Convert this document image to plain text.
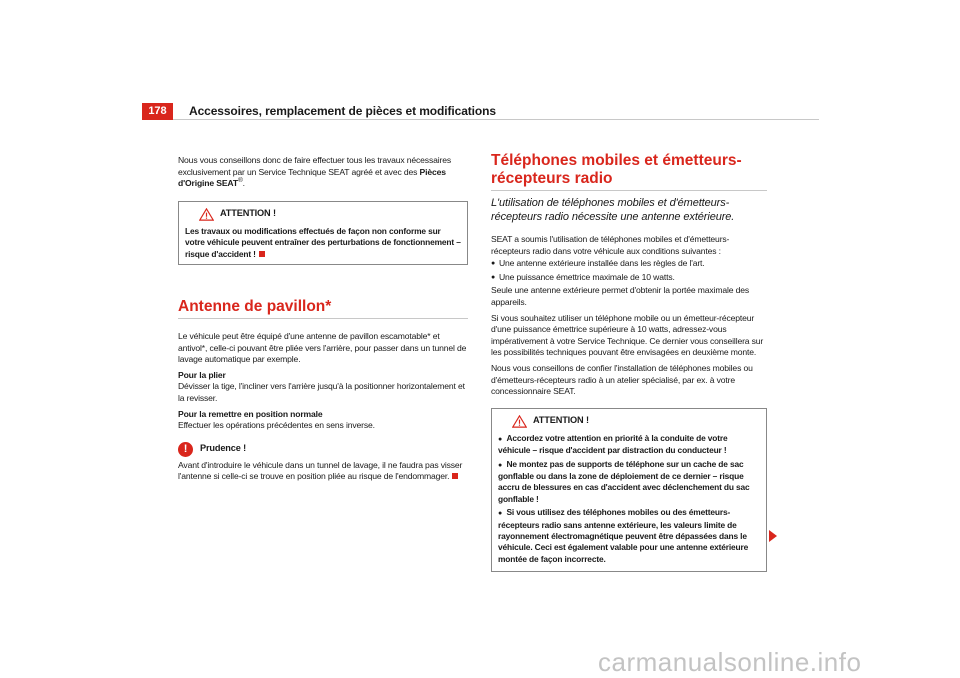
178	Accessoires, remplacement de pièces et modifications

Nous vous conseillons donc de faire effectuer tous les travaux nécessaires exclusivement par un Service Technique SEAT agréé et avec des Pièces d'Origine SEAT®.

ATTENTION !
Les travaux ou modifications effectués de façon non conforme sur votre véhicule peuvent entraîner des perturbations de fonctionnement – risque d'accident !
Antenne de pavillon*

Le véhicule peut être équipé d'une antenne de pavillon escamotable* et antivol*, celle-ci pouvant être pliée vers l'arrière, pour passer dans un tunnel de lavage automatique par exemple.

Pour la plier

Dévisser la tige, l'incliner vers l'arrière jusqu'à la positionner horizontalement et la revisser.

Pour la remettre en position normale

Effectuer les opérations précédentes en sens inverse.

!	Prudence !
Avant d'introduire le véhicule dans un tunnel de lavage, il ne faudra pas visser l'antenne si celle-ci se trouve en position pliée au risque de l'endommager.
Téléphones mobiles et émetteurs-récepteurs radio
L'utilisation de téléphones mobiles et d'émetteurs-récepteurs radio nécessite une antenne extérieure.

SEAT a soumis l'utilisation de téléphones mobiles et d'émetteurs-récepteurs radio dans votre véhicule aux conditions suivantes :

● Une antenne extérieure installée dans les règles de l'art.
● Une puissance émettrice maximale de 10 watts.

Seule une antenne extérieure permet d'obtenir la portée maximale des appareils.

Si vous souhaitez utiliser un téléphone mobile ou un émetteur-récepteur d'une puissance émettrice supérieure à 10 watts, adressez-vous impérativement à votre Service Technique. Ce dernier vous conseillera sur les possibilités techniques pouvant être envisagées en deuxième monte.

Nous vous conseillons de confier l'installation de téléphones mobiles ou d'émetteurs-récepteurs radio à un atelier spécialisé, par ex. à votre concessionnaire SEAT.

ATTENTION !
● Accordez votre attention en priorité à la conduite de votre véhicule – risque d'accident par distraction du conducteur !
● Ne montez pas de supports de téléphone sur un cache de sac gonflable ou dans la zone de déploiement de ce dernier – risque accru de blessures en cas d'accident avec déclenchement du sac gonflable !
● Si vous utilisez des téléphones mobiles ou des émetteurs-récepteurs radio sans antenne extérieure, les valeurs limite de rayonnement électromagnétique peuvent être dépassées dans le véhicule. Ceci est également valable pour une antenne extérieure montée de façon incorrecte.
carmanualsonline.info
